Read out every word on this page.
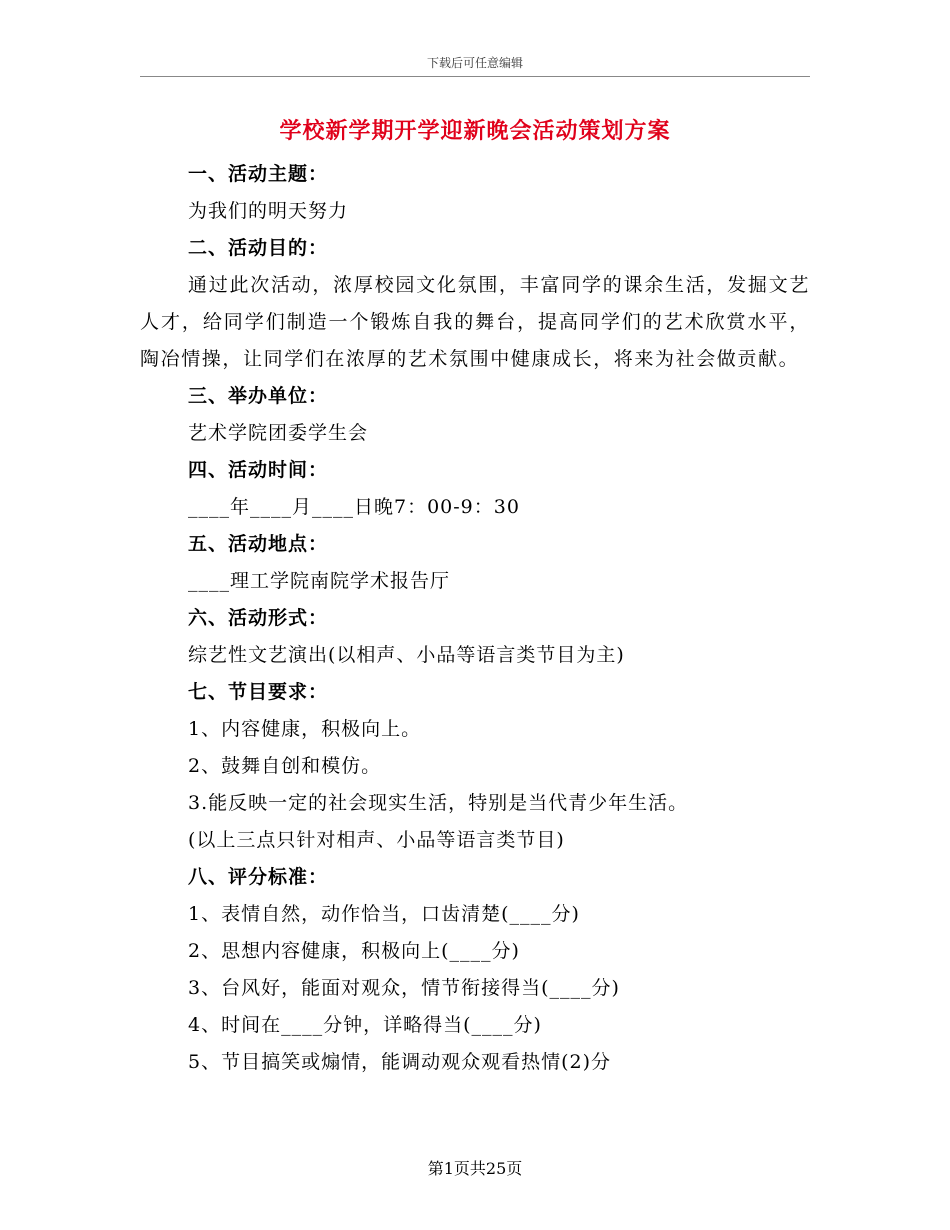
下载后可任意编辑
学校新学期开学迎新晚会活动策划方案
一、活动主题：
为我们的明天努力
二、活动目的：

通过此次活动，浓厚校园文化氛围，丰富同学的课余生活，发掘文艺人才，给同学们制造一个锻炼自我的舞台，提高同学们的艺术欣赏水平，陶冶情操，让同学们在浓厚的艺术氛围中健康成长，将来为社会做贡献。

三、举办单位：
艺术学院团委学生会
四、活动时间：
____年____月____日晚7：00-9：30
五、活动地点：
____理工学院南院学术报告厅
六、活动形式：
综艺性文艺演出(以相声、小品等语言类节目为主)
七、节目要求：
1、内容健康，积极向上。
2、鼓舞自创和模仿。
3.能反映一定的社会现实生活，特别是当代青少年生活。
(以上三点只针对相声、小品等语言类节目)
八、评分标准：
1、表情自然，动作恰当，口齿清楚(____分)
2、思想内容健康，积极向上(____分)
3、台风好，能面对观众，情节衔接得当(____分)
4、时间在____分钟，详略得当(____分)
5、节目搞笑或煽情，能调动观众观看热情(2)分
第1页共25页
